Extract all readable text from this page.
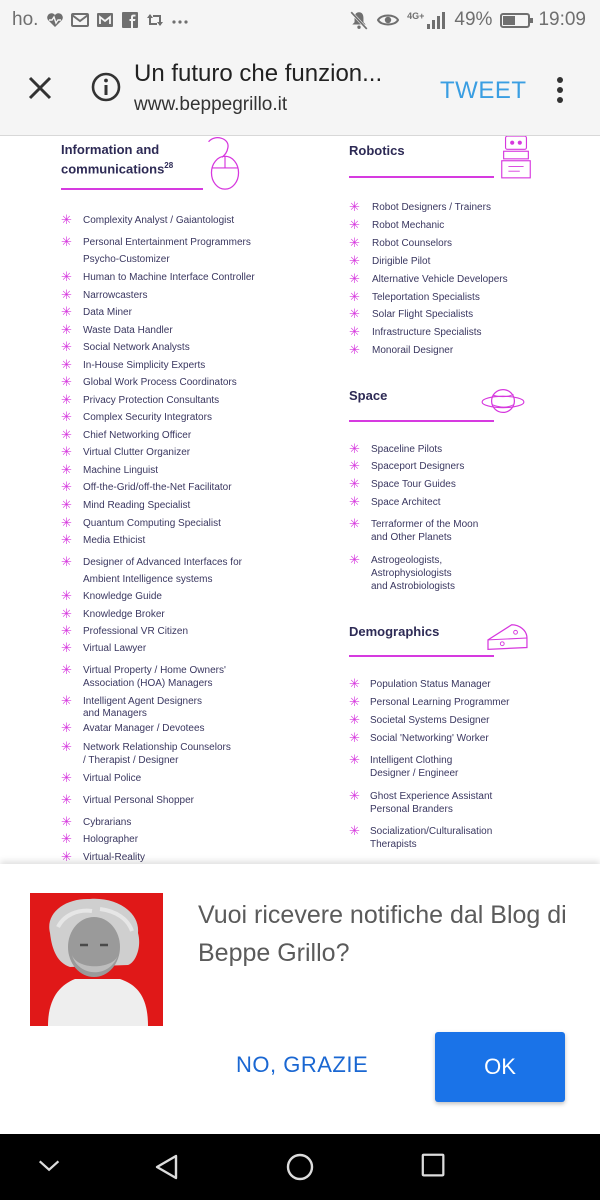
ho.	4G+ 49% 19:09
Un futuro che funzion...
www.beppegrillo.it
TWEET
Information and
communications$^{28}$
✳ Complexity Analyst / Gaiantologist
✳ Personal Entertainment Programmers
Psycho-Customizer
✳ Human to Machine Interface Controller
✳ Narrowcasters
✳ Data Miner
✳ Waste Data Handler
✳ Social Network Analysts
✳ In-House Simplicity Experts
✳ Global Work Process Coordinators
✳ Privacy Protection Consultants
✳ Complex Security Integrators
✳ Chief Networking Officer
✳ Virtual Clutter Organizer
✳ Machine Linguist
✳ Off-the-Grid/off-the-Net Facilitator
✳ Mind Reading Specialist
✳ Quantum Computing Specialist
✳ Media Ethicist
✳ Designer of Advanced Interfaces for
Ambient Intelligence systems
✳ Knowledge Guide
✳ Knowledge Broker
✳ Professional VR Citizen
✳ Virtual Lawyer
✳ Virtual Property / Home Owners'
Association (HOA) Managers
✳ Intelligent Agent Designers
and Managers
✳ Avatar Manager / Devotees
✳ Network Relationship Counselors
/ Therapist / Designer
✳ Virtual Police
✳ Virtual Personal Shopper
✳ Cybrarians
✳ Holographer
✳ Virtual-Reality
Robotics
✳ Robot Designers / Trainers
✳ Robot Mechanic
✳ Robot Counselors
✳ Dirigible Pilot
✳ Alternative Vehicle Developers
✳ Teleportation Specialists
✳ Solar Flight Specialists
✳ Infrastructure Specialists
✳ Monorail Designer
Space
✳ Spaceline Pilots
✳ Spaceport Designers
✳ Space Tour Guides
✳ Space Architect
✳ Terraformer of the Moon
and Other Planets
✳ Astrogeologists,
Astrophysiologists
and Astrobiologists
Demographics
✳ Population Status Manager
✳ Personal Learning Programmer
✳ Societal Systems Designer
✳ Social 'Networking' Worker
✳ Intelligent Clothing
Designer / Engineer
✳ Ghost Experience Assistant
Personal Branders
✳ Socialization/Culturalisation
Therapists
Vuoi ricevere notifiche dal Blog di Beppe Grillo?
NO, GRAZIE	OK
